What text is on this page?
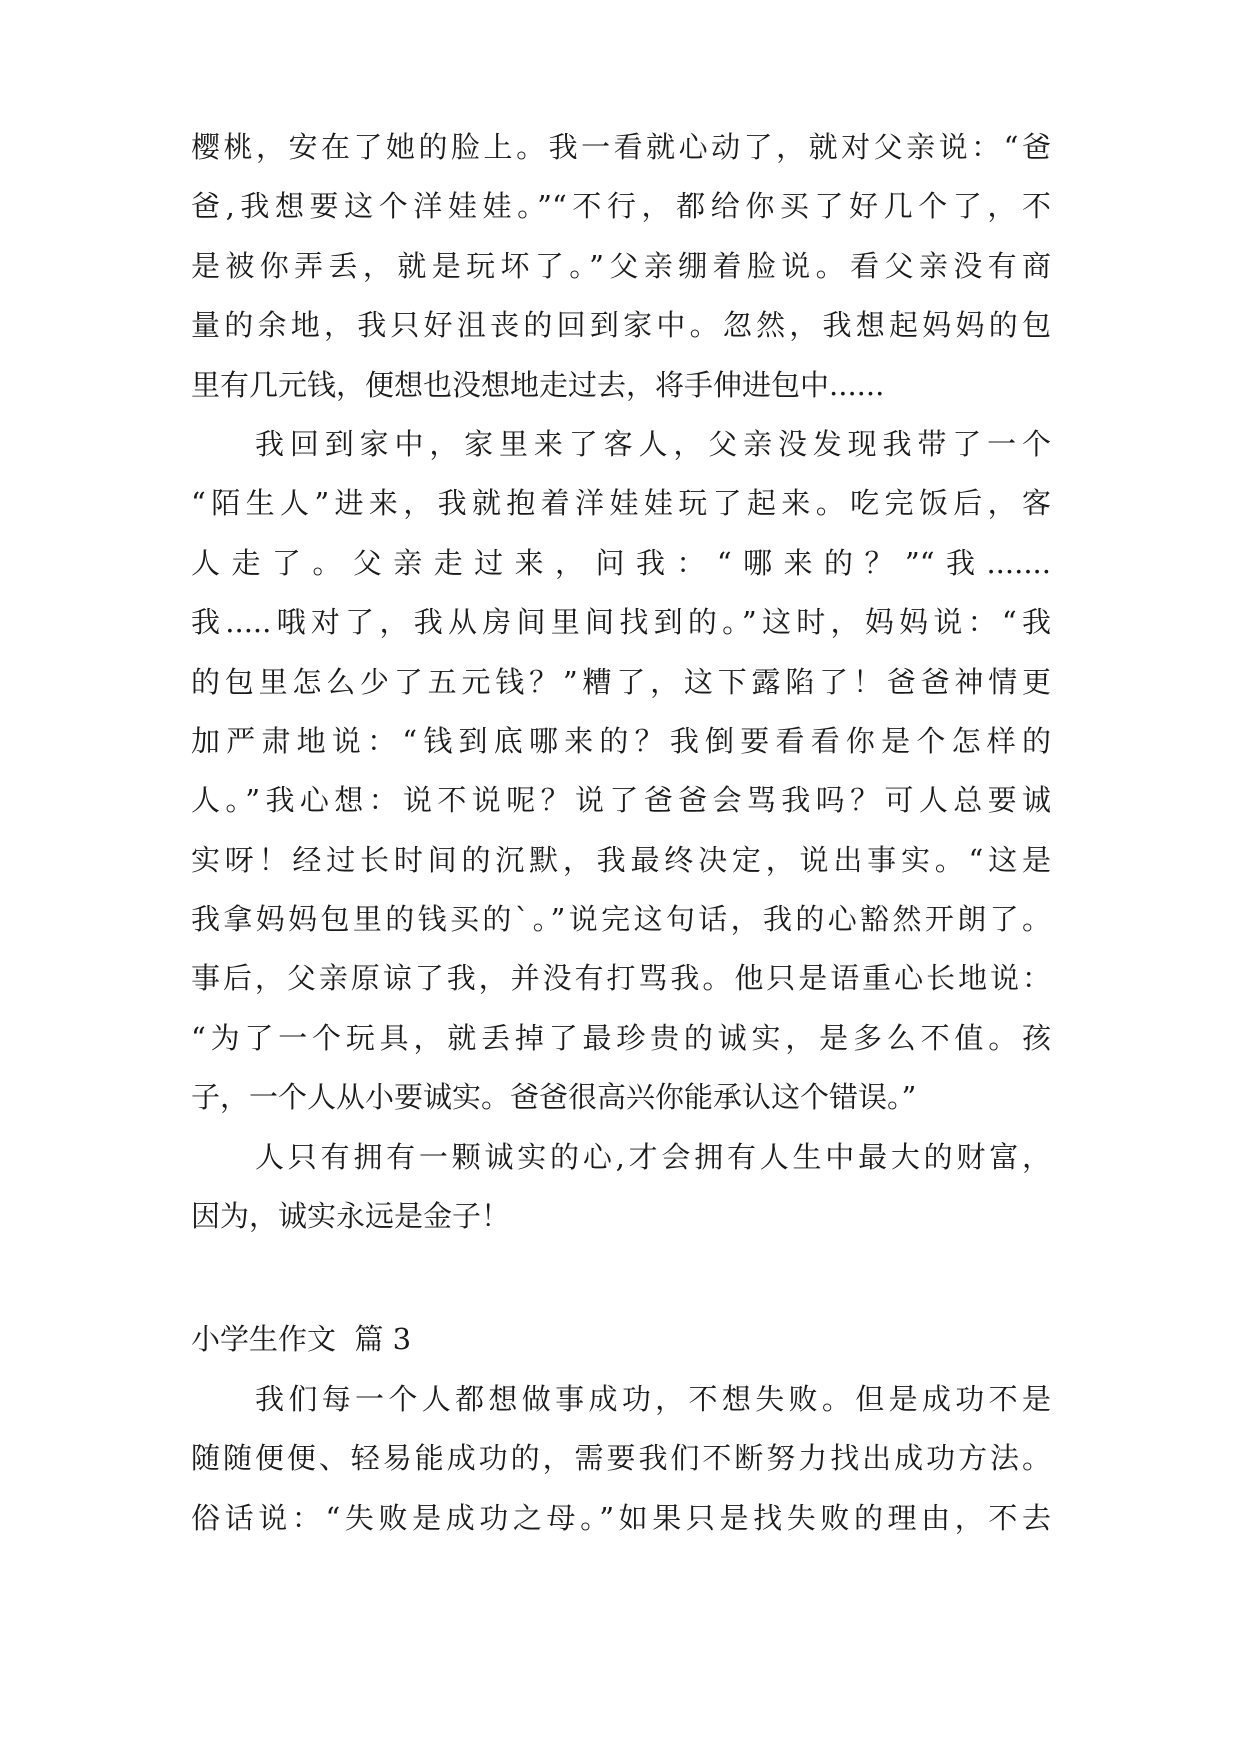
樱桃，安在了她的脸上。我一看就心动了，就对父亲说：“爸
爸,我想要这个洋娃娃。”“不行，都给你买了好几个了，不
是被你弄丢，就是玩坏了。”父亲绷着脸说。看父亲没有商
量的余地，我只好沮丧的回到家中。忽然，我想起妈妈的包
里有几元钱，便想也没想地走过去，将手伸进包中......
我回到家中，家里来了客人，父亲没发现我带了一个
“陌生人”进来，我就抱着洋娃娃玩了起来。吃完饭后，客
人走了。父亲走过来，问我：“哪来的？”“我.......
我.....哦对了，我从房间里间找到的。”这时，妈妈说：“我
的包里怎么少了五元钱？”糟了，这下露陷了！爸爸神情更
加严肃地说：“钱到底哪来的？我倒要看看你是个怎样的
人。”我心想：说不说呢？说了爸爸会骂我吗？可人总要诚
实呀！经过长时间的沉默，我最终决定，说出事实。“这是
我拿妈妈包里的钱买的`。”说完这句话，我的心豁然开朗了。
事后，父亲原谅了我，并没有打骂我。他只是语重心长地说：
“为了一个玩具，就丢掉了最珍贵的诚实，是多么不值。孩
子，一个人从小要诚实。爸爸很高兴你能承认这个错误。”
人只有拥有一颗诚实的心,才会拥有人生中最大的财富，
因为，诚实永远是金子！
小学生作文  篇 3
我们每一个人都想做事成功，不想失败。但是成功不是
随随便便、轻易能成功的，需要我们不断努力找出成功方法。
俗话说：“失败是成功之母。”如果只是找失败的理由，不去
